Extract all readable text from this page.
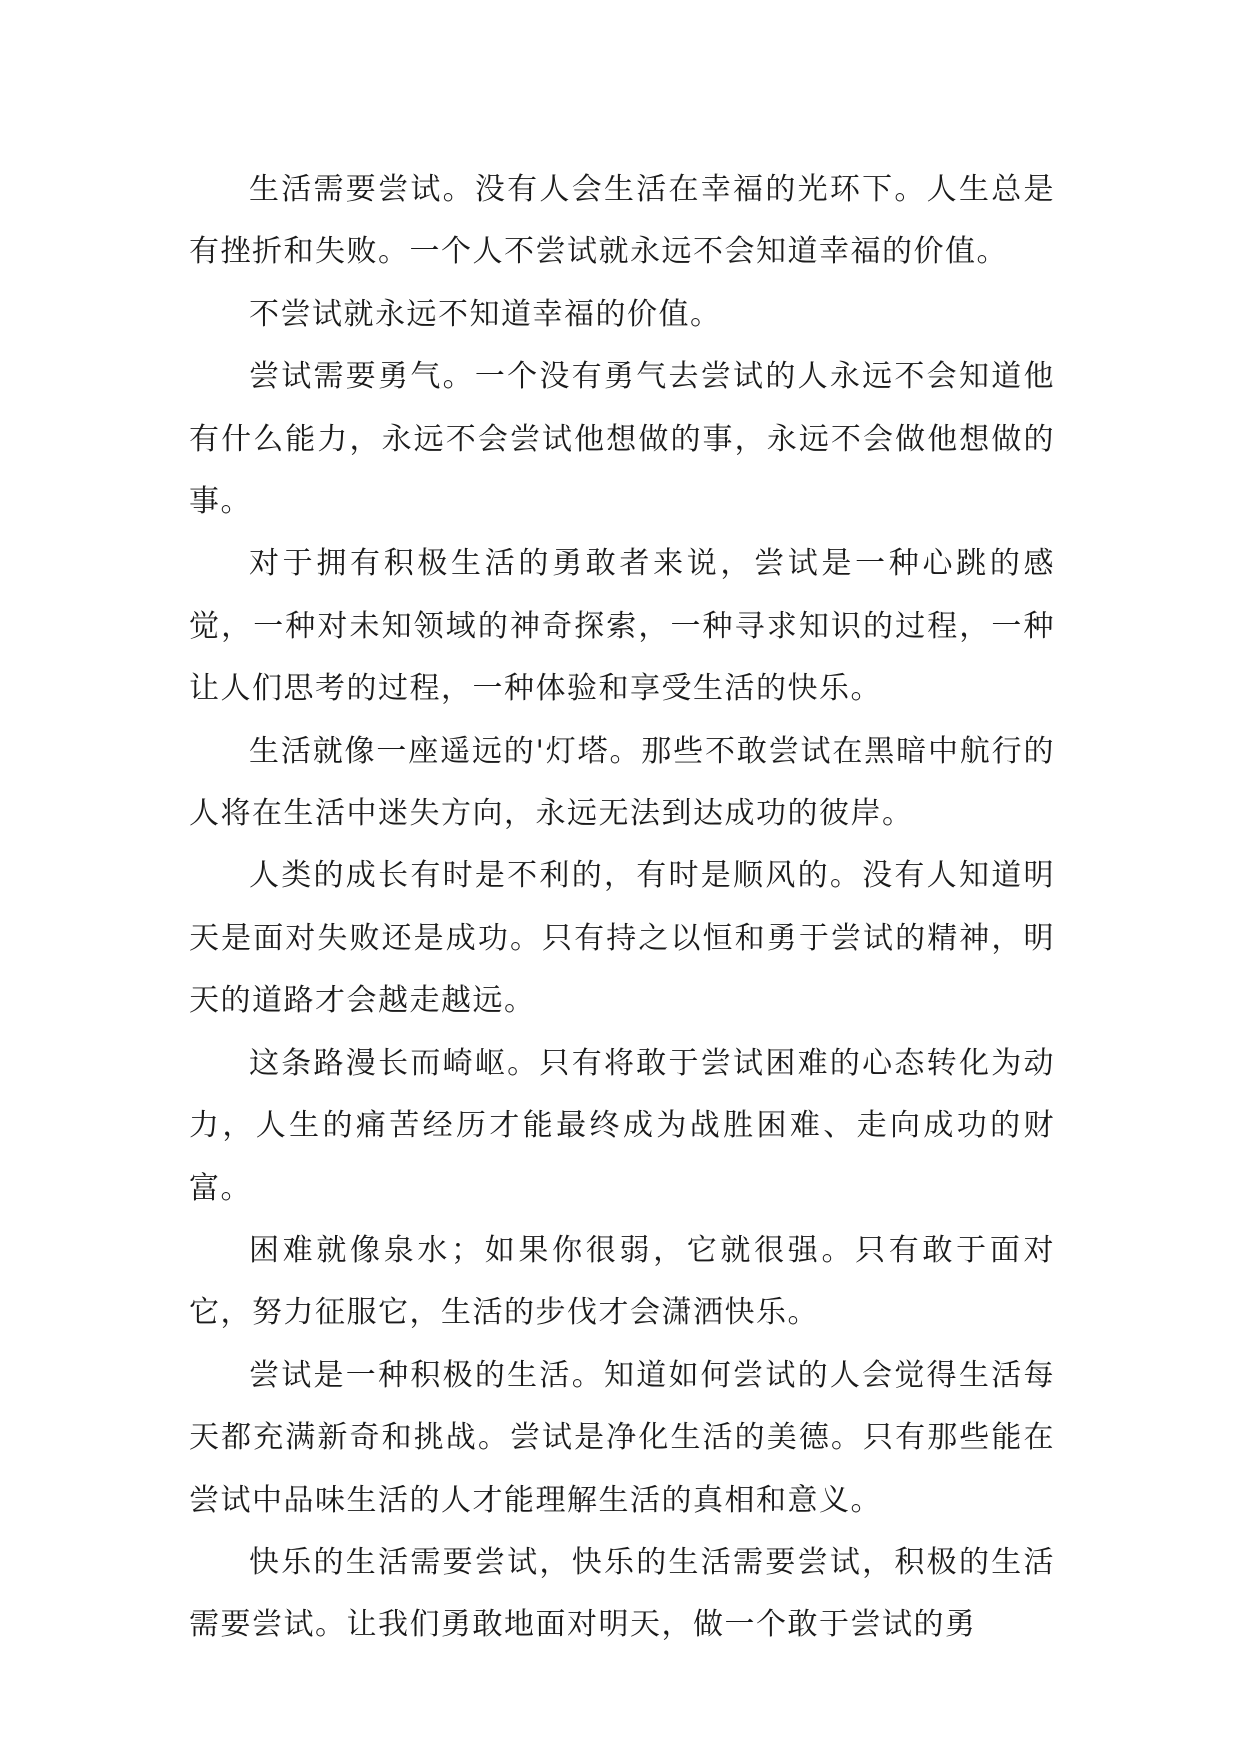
生活需要尝试。没有人会生活在幸福的光环下。人生总是有挫折和失败。一个人不尝试就永远不会知道幸福的价值。

不尝试就永远不知道幸福的价值。

尝试需要勇气。一个没有勇气去尝试的人永远不会知道他有什么能力，永远不会尝试他想做的事，永远不会做他想做的事。

对于拥有积极生活的勇敢者来说，尝试是一种心跳的感觉，一种对未知领域的神奇探索，一种寻求知识的过程，一种让人们思考的过程，一种体验和享受生活的快乐。

生活就像一座遥远的'灯塔。那些不敢尝试在黑暗中航行的人将在生活中迷失方向，永远无法到达成功的彼岸。

人类的成长有时是不利的，有时是顺风的。没有人知道明天是面对失败还是成功。只有持之以恒和勇于尝试的精神，明天的道路才会越走越远。

这条路漫长而崎岖。只有将敢于尝试困难的心态转化为动力，人生的痛苦经历才能最终成为战胜困难、走向成功的财富。

困难就像泉水；如果你很弱，它就很强。只有敢于面对它，努力征服它，生活的步伐才会潇洒快乐。

尝试是一种积极的生活。知道如何尝试的人会觉得生活每天都充满新奇和挑战。尝试是净化生活的美德。只有那些能在尝试中品味生活的人才能理解生活的真相和意义。

快乐的生活需要尝试，快乐的生活需要尝试，积极的生活需要尝试。让我们勇敢地面对明天，做一个敢于尝试的勇
